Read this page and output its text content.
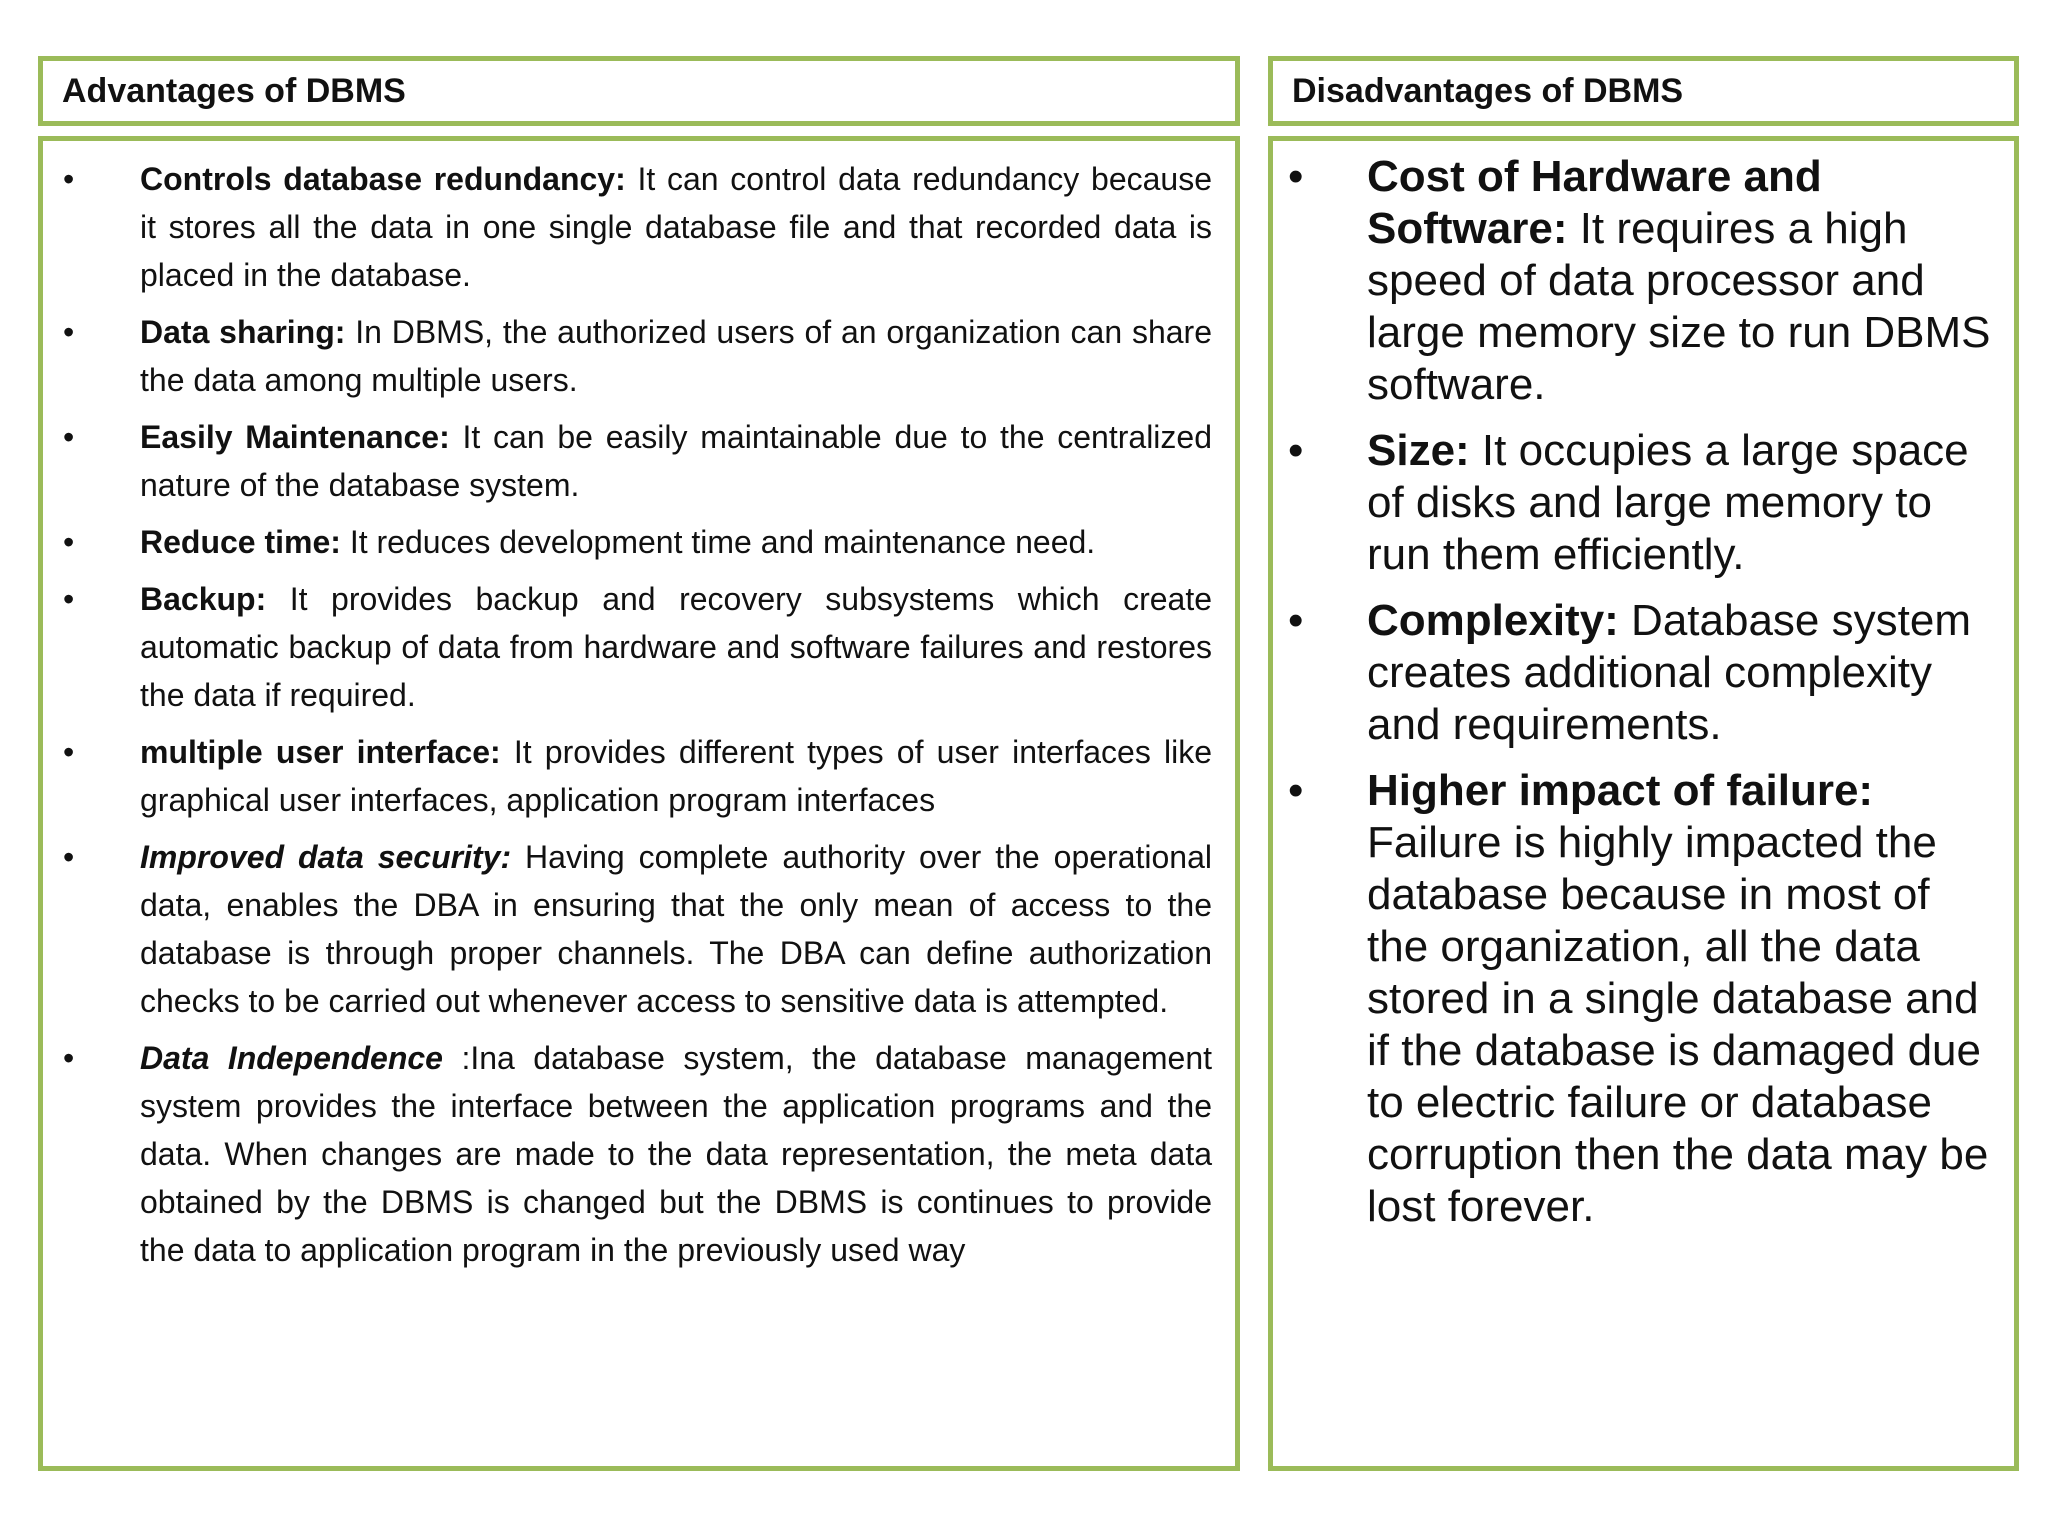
Advantages of DBMS	Disadvantages of DBMS
• Controls database redundancy: It can control data redundancy because it stores all the data in one single database file and that recorded data is placed in the database.
• Data sharing: In DBMS, the authorized users of an organization can share the data among multiple users.
• Easily Maintenance: It can be easily maintainable due to the centralized nature of the database system.
• Reduce time: It reduces development time and maintenance need.
• Backup: It provides backup and recovery subsystems which create automatic backup of data from hardware and software failures and restores the data if required.
• multiple user interface: It provides different types of user interfaces like graphical user interfaces, application program interfaces
• Improved data security: Having complete authority over the operational data, enables the DBA in ensuring that the only mean of access to the database is through proper channels. The DBA can define authorization checks to be carried out whenever access to sensitive data is attempted.
• Data Independence :Ina database system, the database management system provides the interface between the application programs and the data. When changes are made to the data representation, the meta data obtained by the DBMS is changed but the DBMS is continues to provide the data to application program in the previously used way
• Cost of Hardware and Software: It requires a high speed of data processor and large memory size to run DBMS software.
• Size: It occupies a large space of disks and large memory to run them efficiently.
• Complexity: Database system creates additional complexity and requirements.
• Higher impact of failure: Failure is highly impacted the database because in most of the organization, all the data stored in a single database and if the database is damaged due to electric failure or database corruption then the data may be lost forever.
